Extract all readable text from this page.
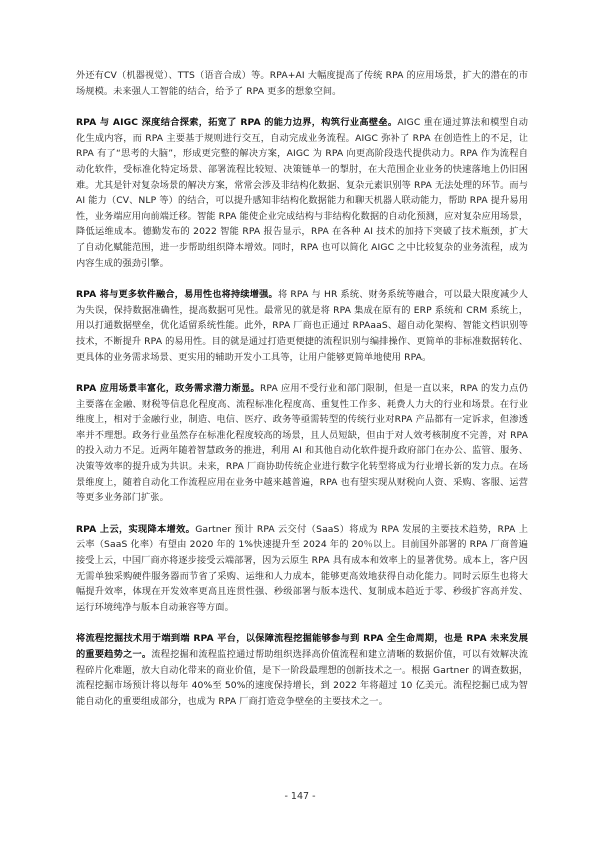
外还有CV（机器视觉）、TTS（语音合成）等。RPA+AI 大幅度提高了传统 RPA 的应用场景，扩大的潜在的市场规模。未来强人工智能的结合，给予了 RPA 更多的想象空间。

RPA 与 AIGC 深度结合探索，拓宽了 RPA 的能力边界，构筑行业高壁垒。AIGC 重在通过算法和模型自动化生成内容，而 RPA 主要基于规则进行交互，自动完成业务流程。AIGC 弥补了 RPA 在创造性上的不足，让 RPA 有了“思考的大脑”，形成更完整的解决方案，AIGC 为 RPA 向更高阶段迭代提供动力。RPA 作为流程自动化软件，受标准化特定场景、部署流程比较短、决策链单一的掣肘，在大范围企业业务的快速落地上仍旧困难。尤其是针对复杂场景的解决方案，常常会涉及非结构化数据、复杂元素识别等 RPA 无法处理的环节。而与 AI 能力（CV、NLP 等）的结合，可以提升感知非结构化数据能力和聊天机器人联动能力，帮助 RPA 提升易用性，业务端应用向前端迁移。智能 RPA 能使企业完成结构与非结构化数据的自动化预测，应对复杂应用场景，降低运维成本。德勤发布的 2022 智能 RPA 报告显示，RPA 在各种 AI 技术的加持下突破了技术瓶颈，扩大了自动化赋能范围，进一步帮助组织降本增效。同时，RPA 也可以简化 AIGC 之中比较复杂的业务流程，成为内容生成的强劲引擎。

RPA 将与更多软件融合，易用性也将持续增强。将 RPA 与 HR 系统、财务系统等融合，可以最大限度减少人为失误，保持数据准确性，提高数据可见性。最常见的就是将 RPA 集成在原有的 ERP 系统和 CRM 系统上，用以打通数据壁垒，优化适留系统性能。此外，RPA 厂商也正通过 RPAaaS、超自动化架构、智能文档识别等技术，不断提升 RPA 的易用性。目的就是通过打造更便捷的流程识别与编排操作、更简单的非标准数据转化、更具体的业务需求场景、更实用的辅助开发小工具等，让用户能够更简单地使用 RPA。

RPA 应用场景丰富化，政务需求潜力渐显。RPA 应用不受行业和部门限制，但是一直以来，RPA 的发力点仍主要落在金融、财税等信息化程度高、流程标准化程度高、重复性工作多、耗费人力大的行业和场景。在行业维度上，相对于金融行业，制造、电信、医疗、政务等亟需转型的传统行业对RPA 产品都有一定诉求，但渗透率并不理想。政务行业虽然存在标准化程度较高的场景，且人员短缺，但由于对人效考核制度不完善，对 RPA 的投入动力不足。近两年随着智慧政务的推进，利用 AI 和其他自动化软件提升政府部门在办公、监管、服务、决策等效率的提升成为共识。未来，RPA 厂商协助传统企业进行数字化转型将成为行业增长新的发力点。在场景维度上，随着自动化工作流程应用在业务中越来越普遍，RPA 也有望实现从财税向人资、采购、客服、运营等更多业务部门扩张。

RPA 上云，实现降本增效。Gartner 预计 RPA 云交付（SaaS）将成为 RPA 发展的主要技术趋势，RPA 上云率（SaaS 化率）有望由 2020 年的 1%快速提升至 2024 年的 20％以上。目前国外部署的 RPA 厂商普遍接受上云，中国厂商亦将逐步接受云端部署，因为云原生 RPA 具有成本和效率上的显著优势。成本上，客户因无需单独采购硬件服务器而节省了采购、运维和人力成本，能够更高效地获得自动化能力。同时云原生也将大幅提升效率，体现在开发效率更高且连贯性强、秒级部署与版本迭代、复制成本趋近于零、秒级扩容高并发、运行环境纯净与版本自动兼容等方面。

将流程挖掘技术用于端到端 RPA 平台，以保障流程挖掘能够参与到 RPA 全生命周期，也是 RPA 未来发展的重要趋势之一。流程挖掘和流程监控通过帮助组织选择高价值流程和建立清晰的数据价值，可以有效解决流程碎片化难题，放大自动化带来的商业价值，是下一阶段最理想的创新技术之一。根据 Gartner 的调查数据，流程挖掘市场预计将以每年 40%至 50%的速度保持增长，到 2022 年将超过 10 亿美元。流程挖掘已成为智能自动化的重要组成部分，也成为 RPA 厂商打造竞争壁垒的主要技术之一。

- 147 -
